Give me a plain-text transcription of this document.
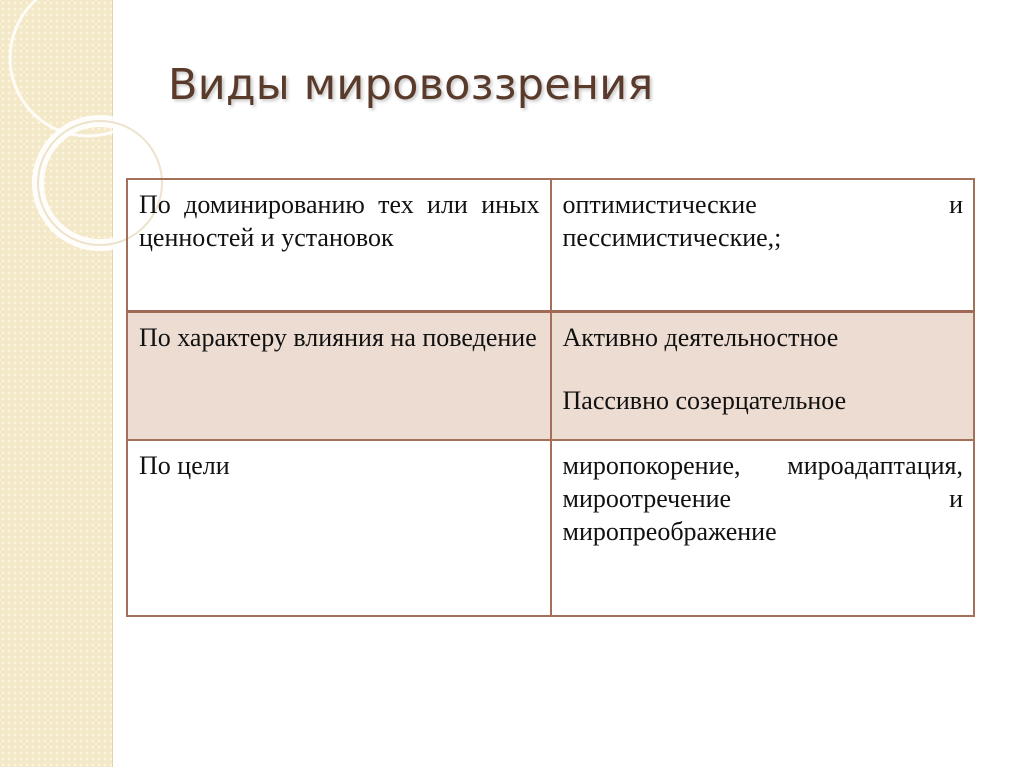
Виды мировоззрения
По доминированию тех или иных ценностей и установок	оптимистические и пессимистические,;
По характеру влияния на поведение	Активно деятельностное
Пассивно созерцательное

По цели	миропокорение, мироадаптация, мироотречение и миропреображение
